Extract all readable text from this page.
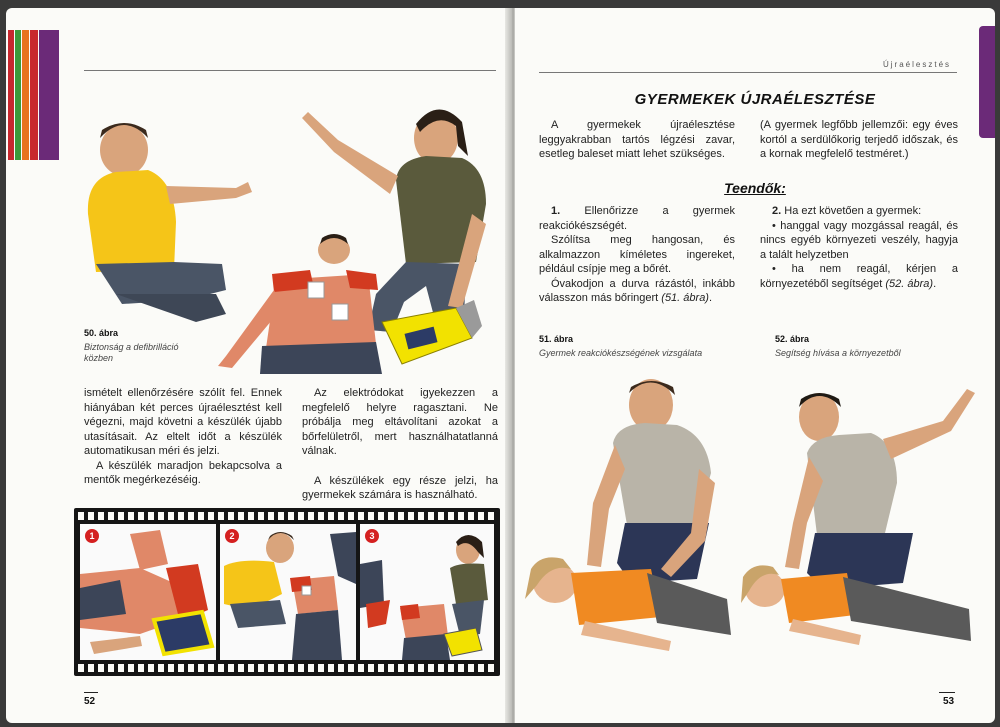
50. ábra
Biztonság a defibrilláció közben

ismételt ellenőrzésére szólít fel. Ennek hiányában két perces újraélesztést kell végezni, majd követni a készülék újabb utasításait. Az eltelt időt a készülék automatikusan méri és jelzi.

A készülék maradjon bekapcsolva a mentők megérkezéséig.

Az elektródokat igyekezzen a megfelelő helyre ragasztani. Ne próbálja meg eltávolítani azokat a bőrfelületről, mert használhatatlanná válnak.

A készülékek egy része jelzi, ha gyermekek számára is használható.

1	2	3
52
Újraélesztés
GYERMEKEK ÚJRAÉLESZTÉSE

A gyermekek újraélesztése leggyakrabban tartós légzési zavar, esetleg baleset miatt lehet szükséges.

(A gyermek legfőbb jellemzői: egy éves kortól a serdülőkorig terjedő időszak, és a kornak megfelelő testméret.)

Teendők:

1. Ellenőrizze a gyermek reakciókészségét.

Szólítsa meg hangosan, és alkalmazzon kíméletes ingereket, például csípje meg a bőrét.

Óvakodjon a durva rázástól, inkább válasszon más bőringert (51. ábra).

2. Ha ezt követően a gyermek:

• hanggal vagy mozgással reagál, és nincs egyéb környezeti veszély, hagyja a talált helyzetben

• ha nem reagál, kérjen a környezetéből segítséget (52. ábra).

51. ábra
Gyermek reakciókészségének vizsgálata
52. ábra
Segítség hívása a környezetből
53
